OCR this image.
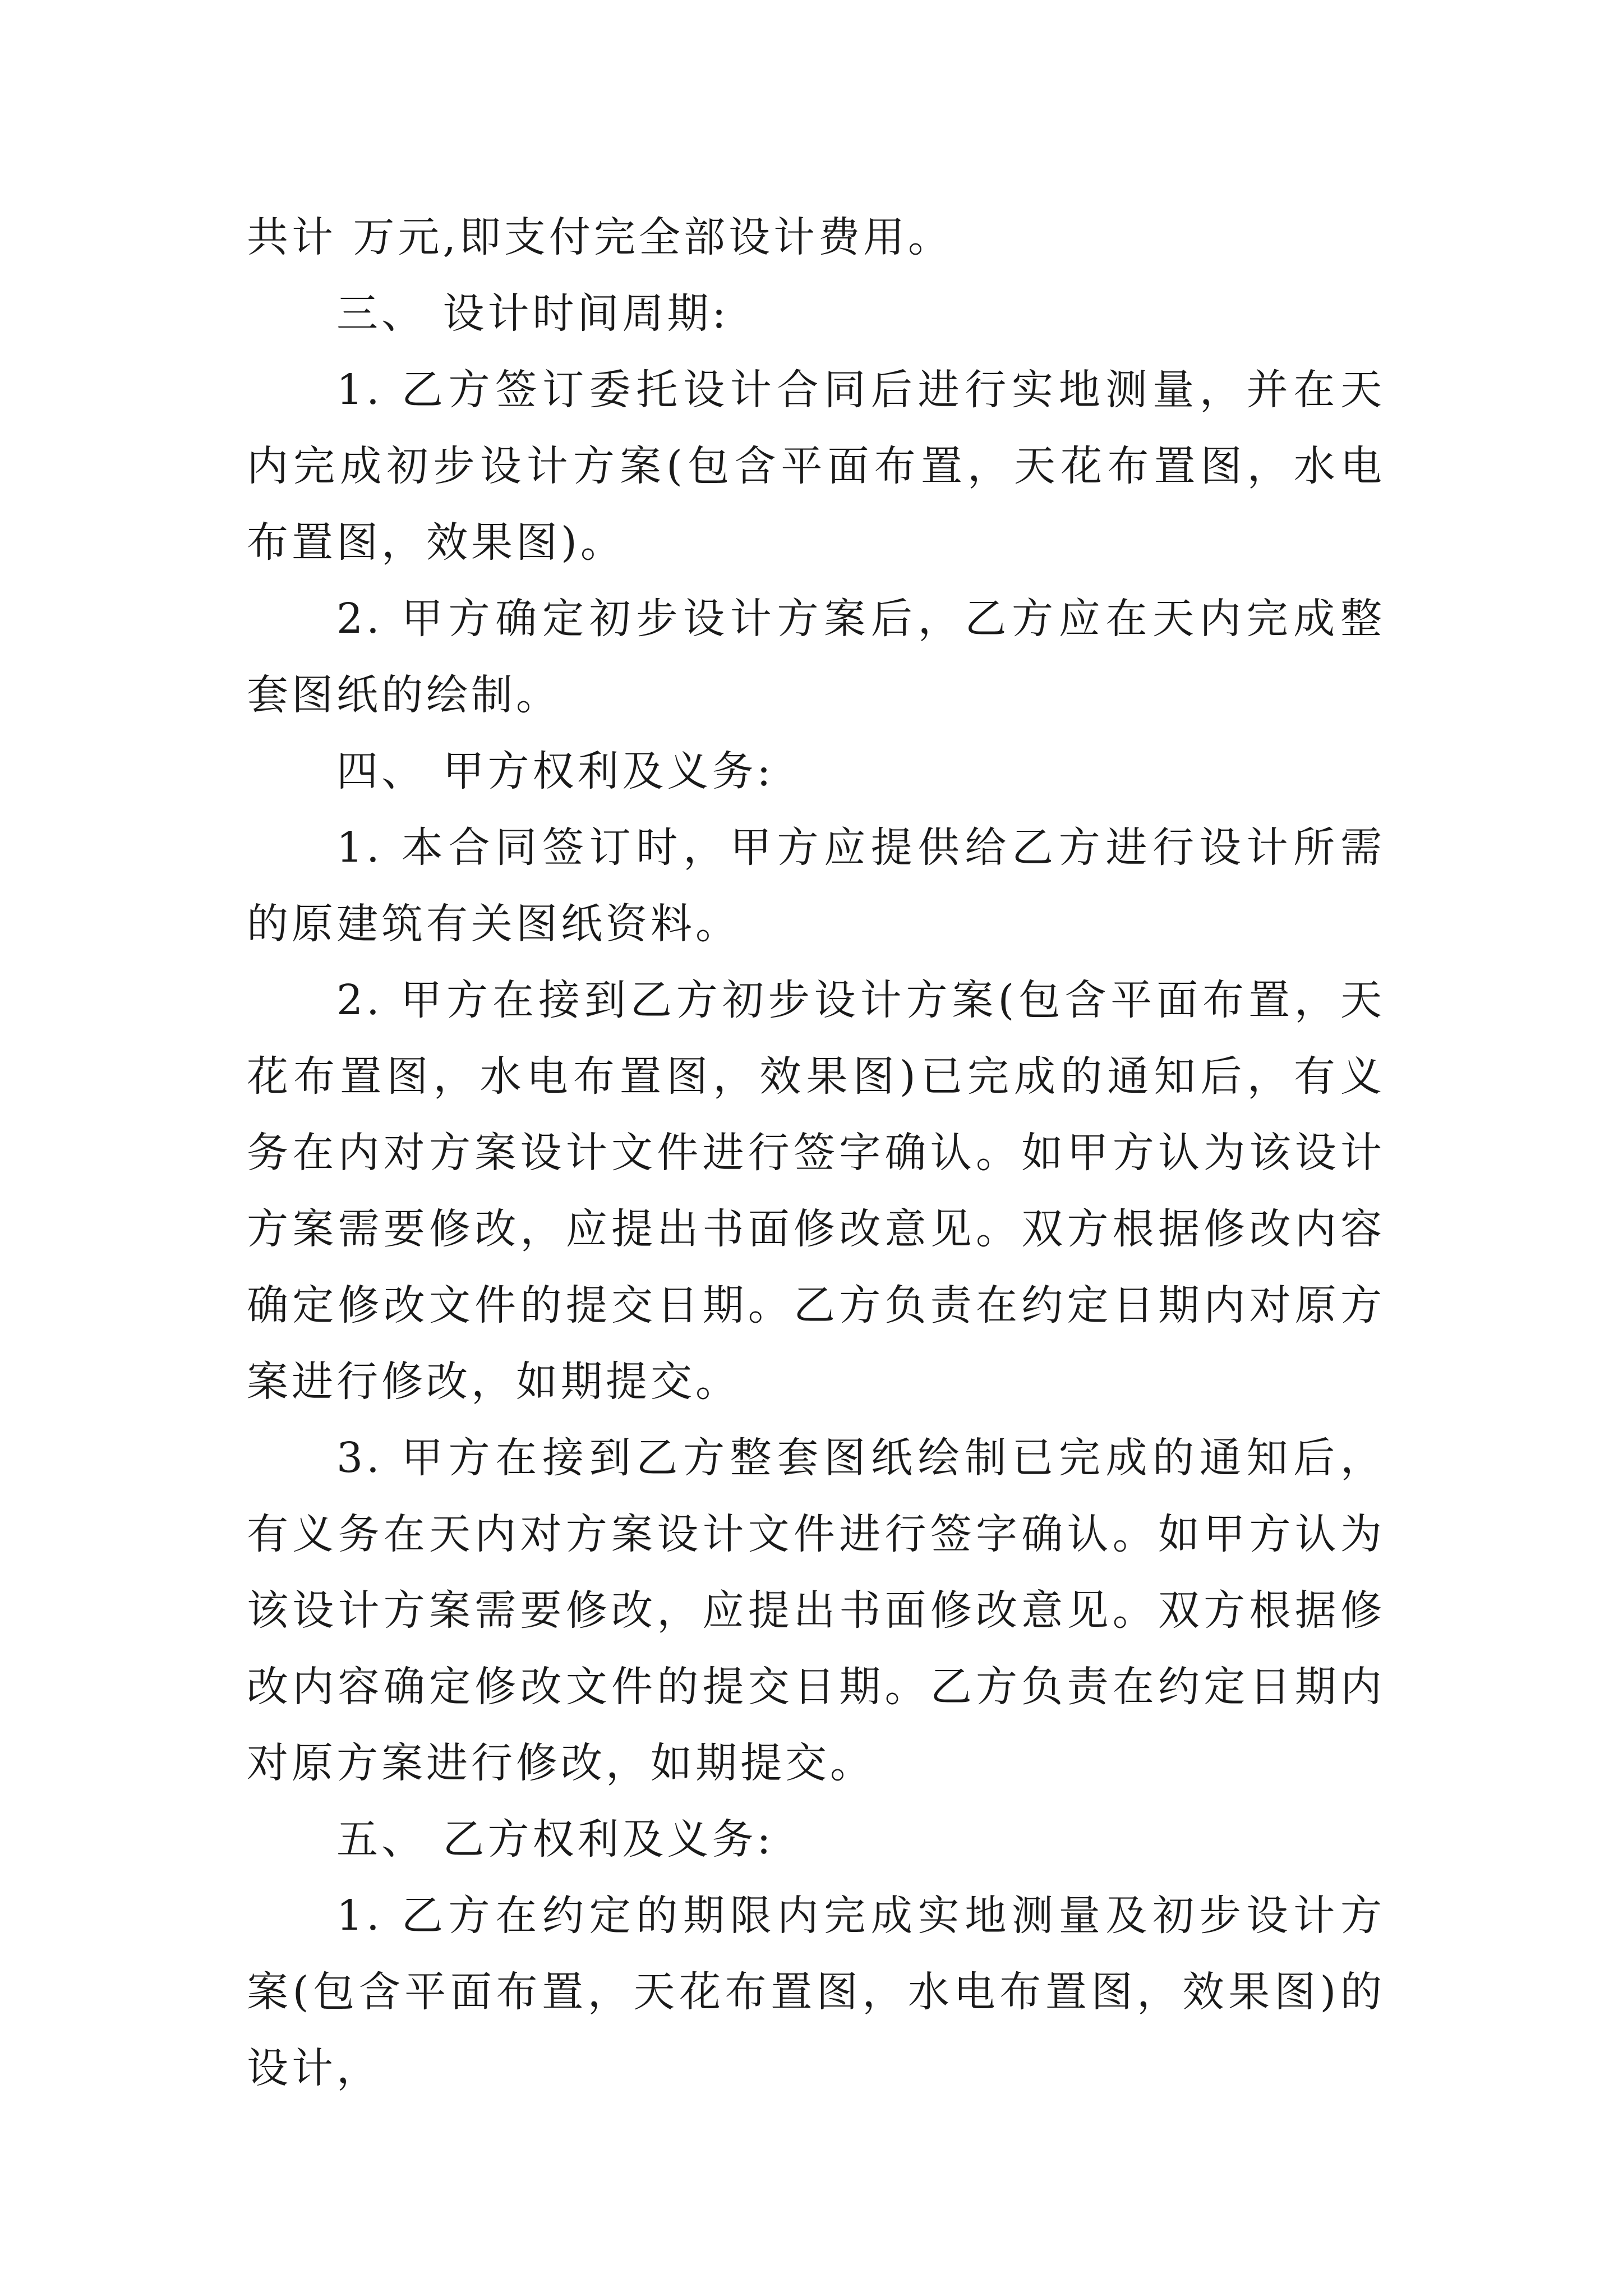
共计 万元,即支付完全部设计费用。

三、 设计时间周期:

1. 乙方签订委托设计合同后进行实地测量，并在天内完成初步设计方案(包含平面布置，天花布置图，水电布置图，效果图)。

2. 甲方确定初步设计方案后，乙方应在天内完成整套图纸的绘制。

四、 甲方权利及义务:

1. 本合同签订时，甲方应提供给乙方进行设计所需的原建筑有关图纸资料。

2. 甲方在接到乙方初步设计方案(包含平面布置，天花布置图，水电布置图，效果图)已完成的通知后，有义务在内对方案设计文件进行签字确认。如甲方认为该设计方案需要修改，应提出书面修改意见。双方根据修改内容确定修改文件的提交日期。乙方负责在约定日期内对原方案进行修改，如期提交。

3. 甲方在接到乙方整套图纸绘制已完成的通知后，有义务在天内对方案设计文件进行签字确认。如甲方认为该设计方案需要修改，应提出书面修改意见。双方根据修改内容确定修改文件的提交日期。乙方负责在约定日期内对原方案进行修改，如期提交。

五、 乙方权利及义务:

1. 乙方在约定的期限内完成实地测量及初步设计方案(包含平面布置，天花布置图，水电布置图，效果图)的设计，
